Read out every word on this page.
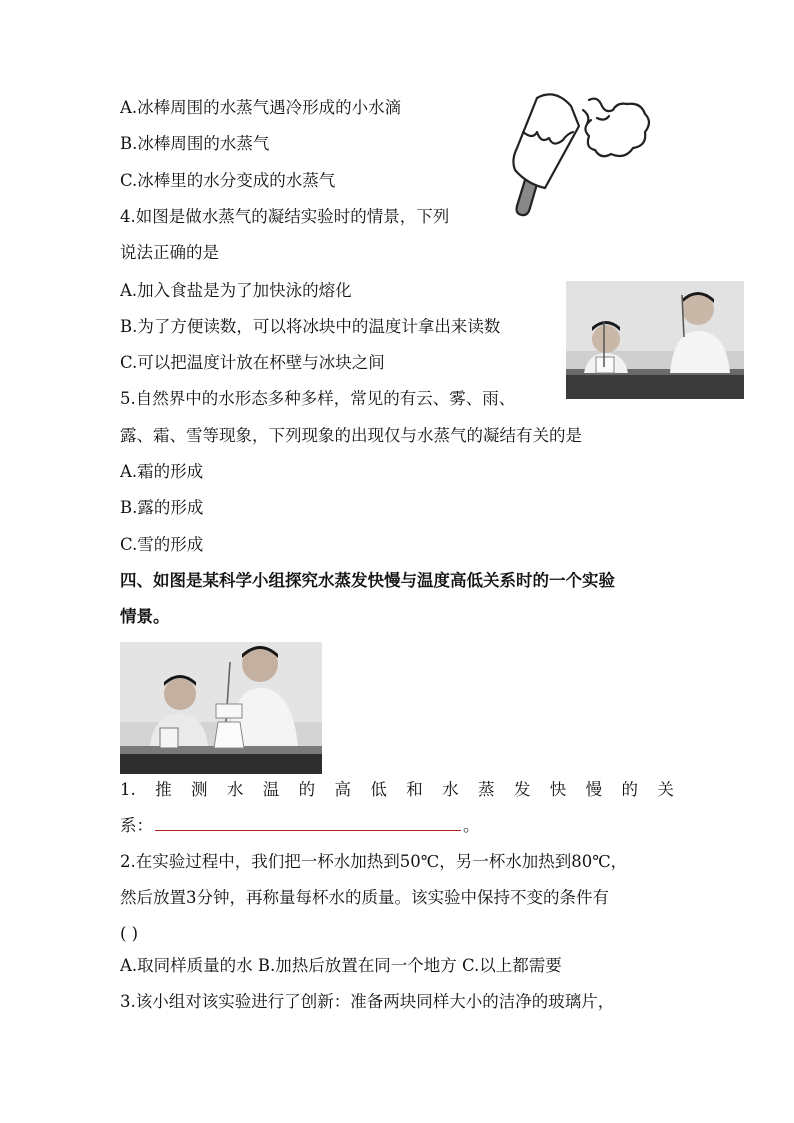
A.冰棒周围的水蒸气遇冷形成的小水滴
B.冰棒周围的水蒸气
C.冰棒里的水分变成的水蒸气
4.如图是做水蒸气的凝结实验时的情景，下列
说法正确的是
A.加入食盐是为了加快泳的熔化
B.为了方便读数，可以将冰块中的温度计拿出来读数
C.可以把温度计放在杯壁与冰块之间
5.自然界中的水形态多种多样，常见的有云、雾、雨、
露、霜、雪等现象，下列现象的出现仅与水蒸气的凝结有关的是
A.霜的形成
B.露的形成
C.雪的形成
四、如图是某科学小组探究水蒸发快慢与温度高低关系时的一个实验
情景。
1. 推 测 水 温 的 高 低 和 水 蒸 发 快 慢 的 关
系：	。
2.在实验过程中，我们把一杯水加热到50℃，另一杯水加热到80℃，
然后放置3分钟，再称量每杯水的质量。该实验中保持不变的条件有
( )
A.取同样质量的水 B.加热后放置在同一个地方 C.以上都需要
3.该小组对该实验进行了创新：准备两块同样大小的洁净的玻璃片，
